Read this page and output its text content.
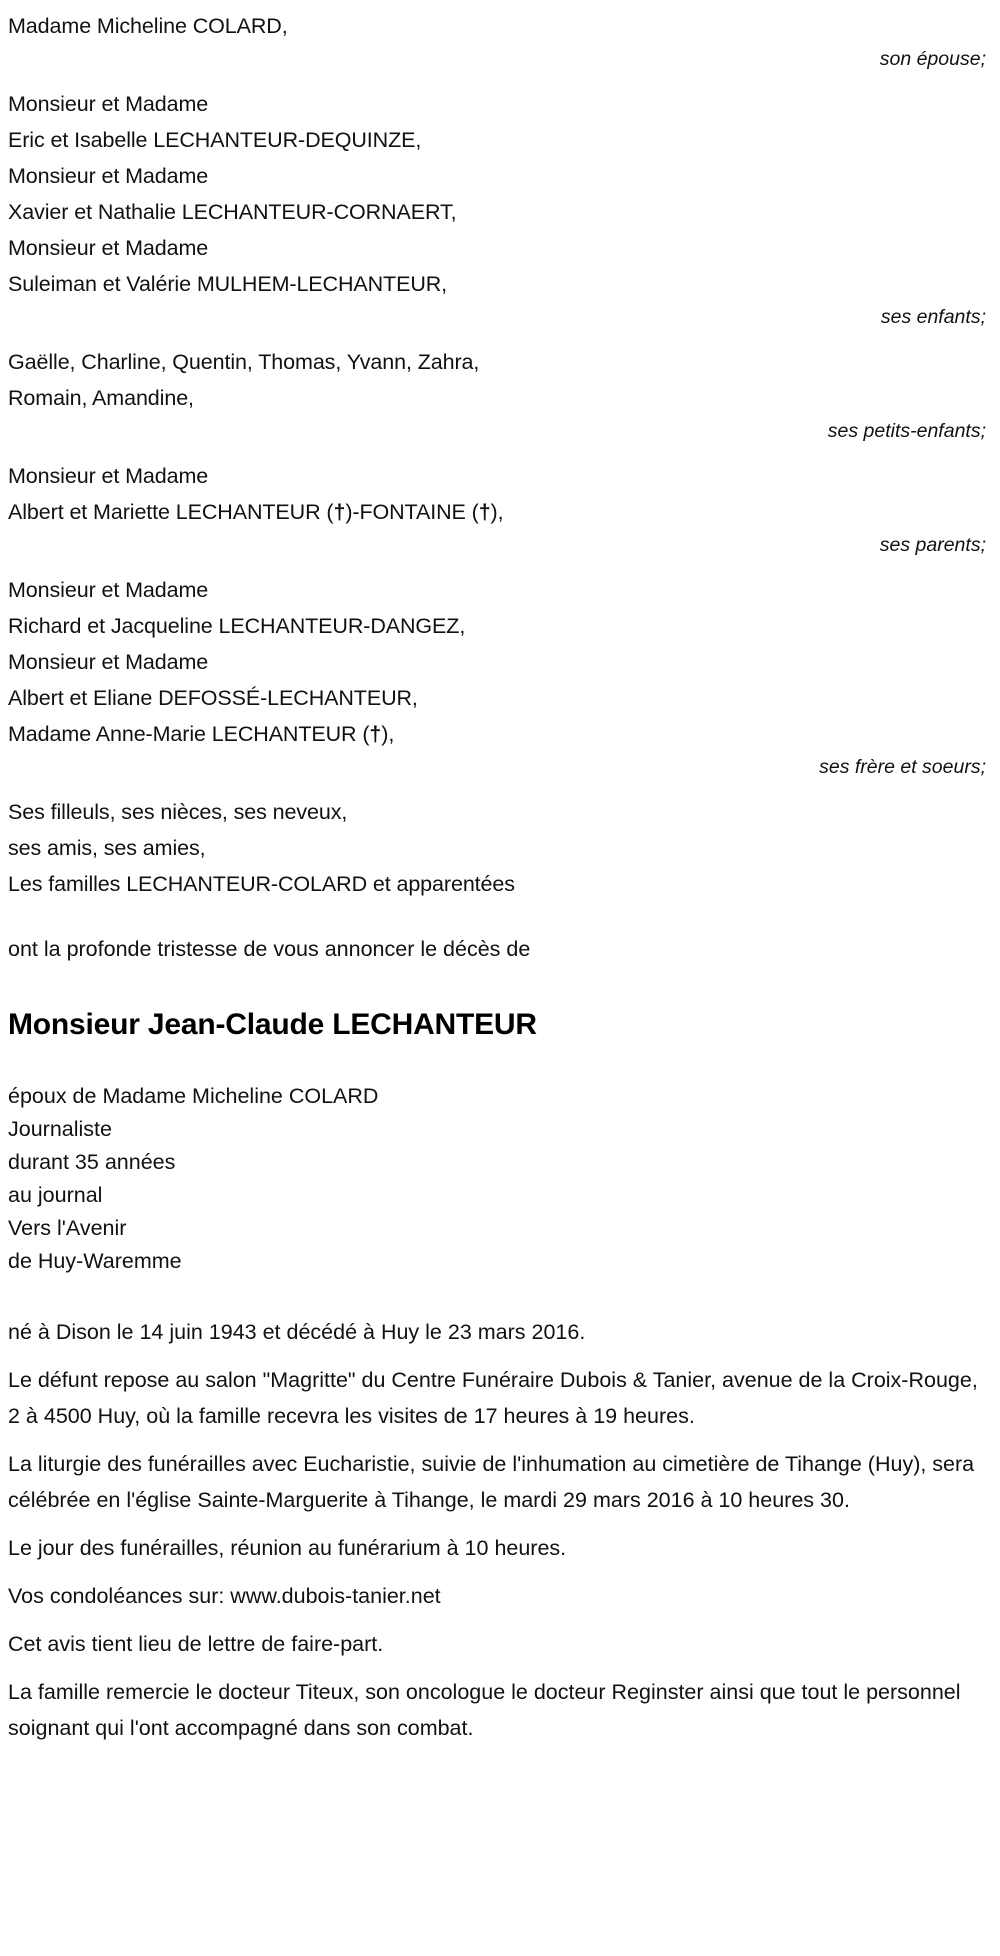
Madame Micheline COLARD,
son épouse;
Monsieur et Madame
Eric et Isabelle LECHANTEUR-DEQUINZE,
Monsieur et Madame
Xavier et Nathalie LECHANTEUR-CORNAERT,
Monsieur et Madame
Suleiman et Valérie MULHEM-LECHANTEUR,
ses enfants;
Gaëlle, Charline, Quentin, Thomas, Yvann, Zahra,
Romain, Amandine,
ses petits-enfants;
Monsieur et Madame
Albert et Mariette LECHANTEUR (†)-FONTAINE (†),
ses parents;
Monsieur et Madame
Richard et Jacqueline LECHANTEUR-DANGEZ,
Monsieur et Madame
Albert et Eliane DEFOSSÉ-LECHANTEUR,
Madame Anne-Marie LECHANTEUR (†),
ses frère et soeurs;
Ses filleuls, ses nièces, ses neveux,
ses amis, ses amies,
Les familles LECHANTEUR-COLARD et apparentées
ont la profonde tristesse de vous annoncer le décès de
Monsieur Jean-Claude LECHANTEUR
époux de Madame Micheline COLARD
Journaliste
durant 35 années
au journal
Vers l'Avenir
de Huy-Waremme
né à Dison le 14 juin 1943 et décédé à Huy le 23 mars 2016.
Le défunt repose au salon "Magritte" du Centre Funéraire Dubois & Tanier, avenue de la Croix-Rouge, 2 à 4500 Huy, où la famille recevra les visites de 17 heures à 19 heures.
La liturgie des funérailles avec Eucharistie, suivie de l'inhumation au cimetière de Tihange (Huy), sera célébrée en l'église Sainte-Marguerite à Tihange, le mardi 29 mars 2016 à 10 heures 30.
Le jour des funérailles, réunion au funérarium à 10 heures.
Vos condoléances sur: www.dubois-tanier.net
Cet avis tient lieu de lettre de faire-part.
La famille remercie le docteur Titeux, son oncologue le docteur Reginster ainsi que tout le personnel soignant qui l'ont accompagné dans son combat.
